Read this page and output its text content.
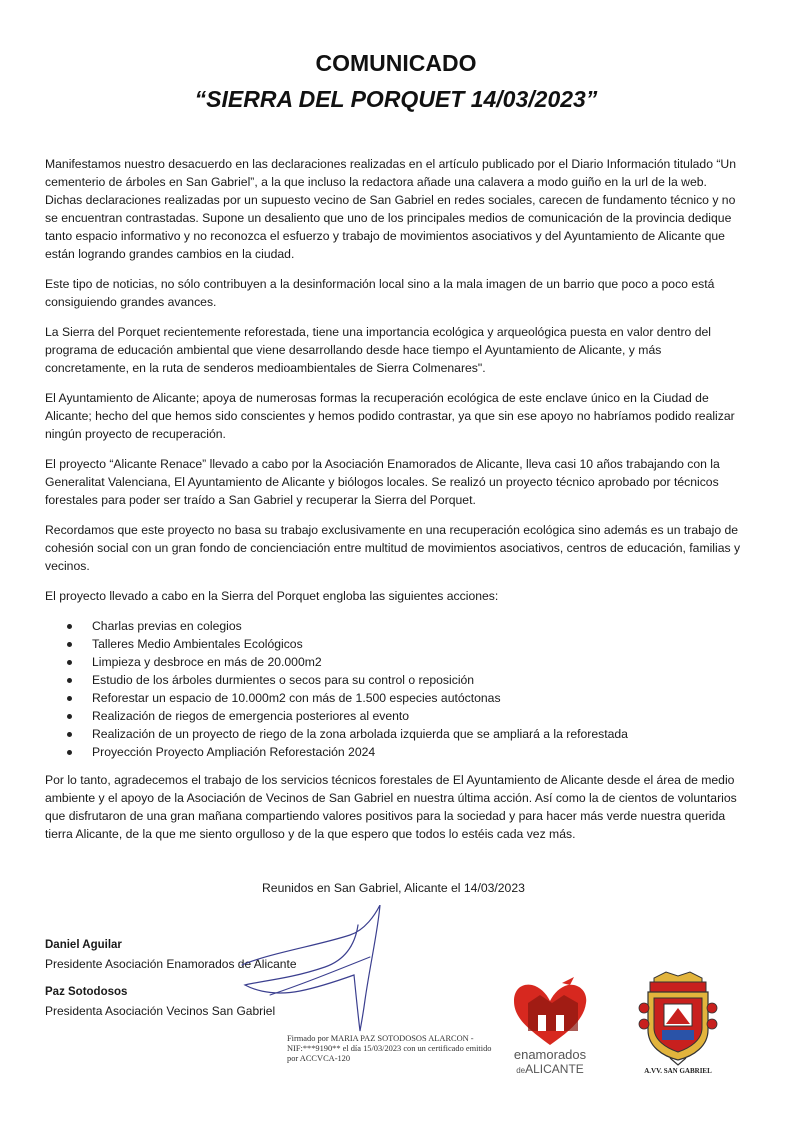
COMUNICADO
“SIERRA DEL PORQUET 14/03/2023”

Manifestamos nuestro desacuerdo en las declaraciones realizadas en el artículo publicado por el Diario Información titulado “Un cementerio de árboles en San Gabriel”, a la que incluso la redactora añade una calavera a modo guiño en la url de la web. Dichas declaraciones realizadas por un supuesto vecino de San Gabriel en redes sociales, carecen de fundamento técnico y no se encuentran contrastadas. Supone un desaliento que uno de los principales medios de comunicación de la provincia dedique tanto espacio informativo y no reconozca el esfuerzo y trabajo de movimientos asociativos y del Ayuntamiento de Alicante que están logrando grandes cambios en la ciudad.

Este tipo de noticias, no sólo contribuyen a la desinformación local sino a la mala imagen de un barrio que poco a poco está consiguiendo grandes avances.

La Sierra del Porquet recientemente reforestada, tiene una importancia ecológica y arqueológica puesta en valor dentro del programa de educación ambiental que viene desarrollando desde hace tiempo el Ayuntamiento de Alicante, y más concretamente, en la ruta de senderos medioambientales de Sierra Colmenares".

El Ayuntamiento de Alicante; apoya de numerosas formas la recuperación ecológica de este enclave único en la Ciudad de Alicante; hecho del que hemos sido conscientes y hemos podido contrastar, ya que sin ese apoyo no habríamos podido realizar ningún proyecto de recuperación.

El proyecto “Alicante Renace” llevado a cabo por la Asociación Enamorados de Alicante, lleva casi 10 años trabajando con la Generalitat Valenciana, El Ayuntamiento de Alicante y biólogos locales. Se realizó un proyecto técnico aprobado por técnicos forestales para poder ser traído a San Gabriel y recuperar la Sierra del Porquet.

Recordamos que este proyecto no basa su trabajo exclusivamente en una recuperación ecológica sino además es un trabajo de cohesión social con un gran fondo de concienciación entre multitud de movimientos asociativos, centros de educación, familias y vecinos.

El proyecto llevado a cabo en la Sierra del Porquet engloba las siguientes acciones:

Charlas previas en colegios
Talleres Medio Ambientales Ecológicos
Limpieza y desbroce en más de 20.000m2
Estudio de los árboles durmientes o secos para su control o reposición
Reforestar un espacio de 10.000m2 con más de 1.500 especies autóctonas
Realización de riegos de emergencia posteriores al evento
Realización de un proyecto de riego de la zona arbolada izquierda que se ampliará a la reforestada
Proyección Proyecto Ampliación Reforestación 2024
Por lo tanto, agradecemos el trabajo de los servicios técnicos forestales de El Ayuntamiento de Alicante desde el área de medio ambiente y el apoyo de la Asociación de Vecinos de San Gabriel en nuestra última acción. Así como la de cientos de voluntarios que disfrutaron de una gran mañana compartiendo valores positivos para la sociedad y para hacer más verde nuestra querida tierra Alicante, de la que me siento orgulloso y de la que espero que todos lo estéis cada vez más.
Reunidos en San Gabriel, Alicante el 14/03/2023
Daniel Aguilar
Presidente Asociación Enamorados de Alicante
Paz Sotodosos
Presidenta Asociación Vecinos San Gabriel
Firmado por MARIA PAZ SOTODOSOS ALARCON - NIF:***9190** el día 15/03/2023 con un certificado emitido por ACCVCA-120	enamorados
deALICANTE	A.VV. SAN GABRIEL
